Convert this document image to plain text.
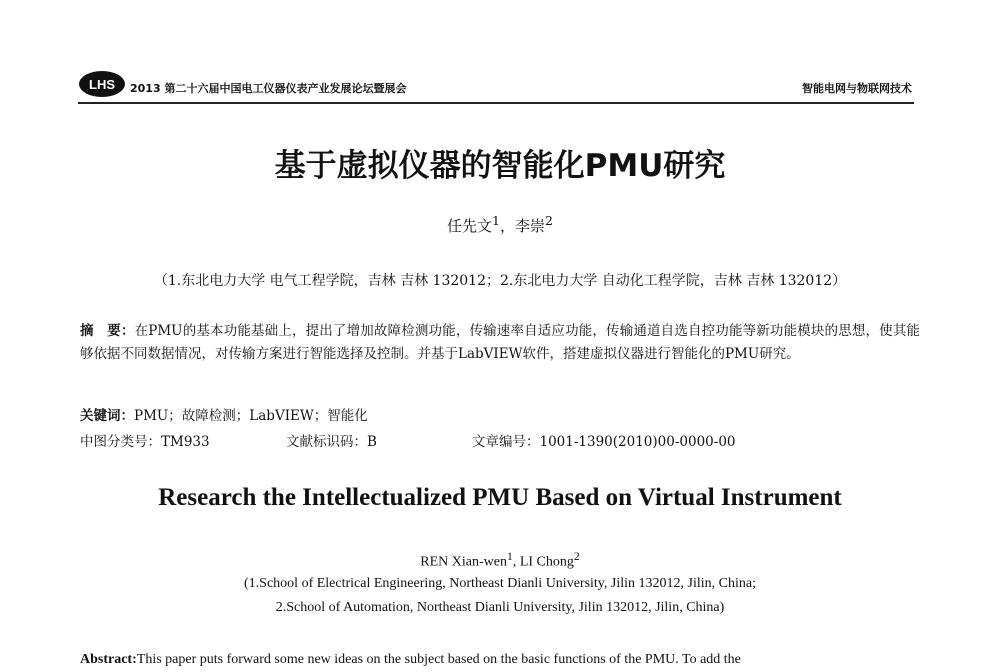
LHS 2013 第二十六届中国电工仪器仪表产业发展论坛暨展会	智能电网与物联网技术
基于虚拟仪器的智能化PMU研究
任先文$^1$，李崇$^2$
（1.东北电力大学 电气工程学院，吉林 吉林 132012；2.东北电力大学 自动化工程学院，吉林 吉林 132012）
摘　要：在PMU的基本功能基础上，提出了增加故障检测功能，传输速率自适应功能，传输通道自选自控功能等新功能模块的思想，使其能够依据不同数据情况，对传输方案进行智能选择及控制。并基于LabVIEW软件，搭建虚拟仪器进行智能化的PMU研究。
关键词：PMU；故障检测；LabVIEW；智能化
中图分类号：TM933	文献标识码：B	文章编号：1001-1390(2010)00-0000-00
Research the Intellectualized PMU Based on Virtual Instrument
REN Xian-wen$^1$, LI Chong$^2$
(1.School of Electrical Engineering, Northeast Dianli University, Jilin 132012, Jilin, China;
2.School of Automation, Northeast Dianli University, Jilin 132012, Jilin, China)
Abstract:This paper puts forward some new ideas on the subject based on the basic functions of the PMU. To add the
